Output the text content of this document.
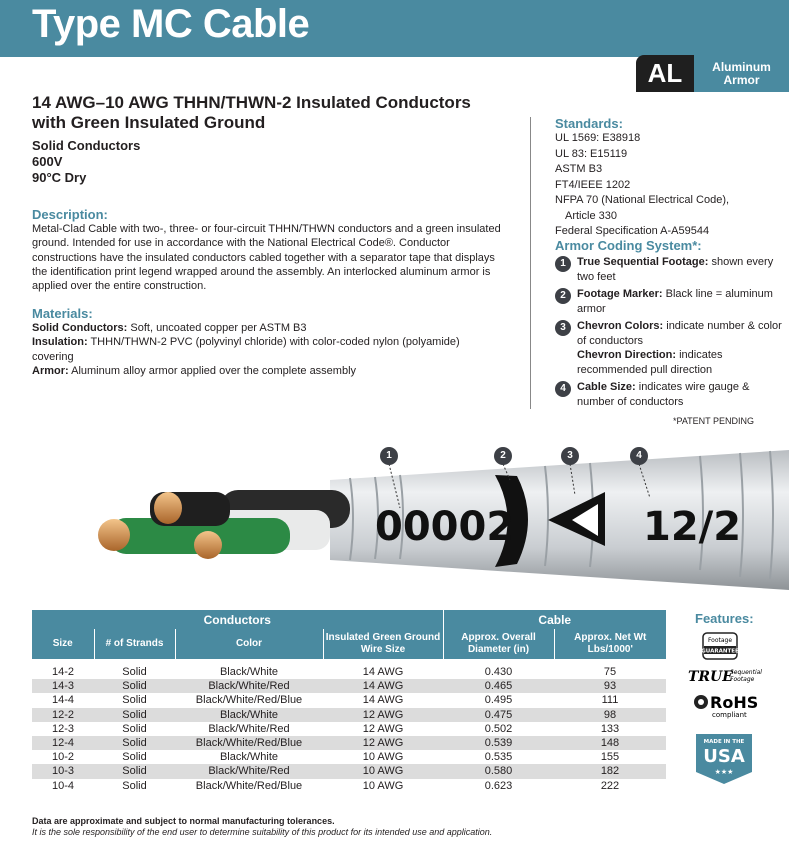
Type MC Cable
AL	Aluminum Armor
14 AWG–10 AWG THHN/THWN-2 Insulated Conductors with Green Insulated Ground
Solid Conductors
600V
90°C Dry
Description:
Metal-Clad Cable with two-, three- or four-circuit THHN/THWN conductors and a green insulated ground. Intended for use in accordance with the National Electrical Code®. Conductor constructions have the insulated conductors cabled together with a separator tape that displays the identification print legend wrapped around the assembly. An interlocked aluminum armor is applied over the entire construction.
Materials:
Solid Conductors: Soft, uncoated copper per ASTM B3
Insulation: THHN/THWN-2 PVC (polyvinyl chloride) with color-coded nylon (polyamide) covering
Armor: Aluminum alloy armor applied over the complete assembly
Standards:
UL 1569: E38918
UL 83: E15119
ASTM B3
FT4/IEEE 1202
NFPA 70 (National Electrical Code),
Article 330
Federal Specification A-A59544
Armor Coding System*:
1	True Sequential Footage: shown every two feet
2	Footage Marker: Black line = aluminum armor
3	Chevron Colors: indicate number & color of conductors
Chevron Direction: indicates recommended pull direction
4	Cable Size: indicates wire gauge & number of conductors
*PATENT PENDING
00002	12/2
1	2	3	4
Conductors				Cable	
Size	# of Strands	Color	Insulated Green Ground Wire Size	Approx. Overall Diameter (in)	Approx. Net Wt Lbs/1000'

14-2	Solid	Black/White	14 AWG	0.430	75
14-3	Solid	Black/White/Red	14 AWG	0.465	93
14-4	Solid	Black/White/Red/Blue	14 AWG	0.495	111
12-2	Solid	Black/White	12 AWG	0.475	98
12-3	Solid	Black/White/Red	12 AWG	0.502	133
12-4	Solid	Black/White/Red/Blue	12 AWG	0.539	148
10-2	Solid	Black/White	10 AWG	0.535	155
10-3	Solid	Black/White/Red	10 AWG	0.580	182
10-4	Solid	Black/White/Red/Blue	10 AWG	0.623	222
Features:
Footage
GUARANTEE
TRUE
Sequential
Footage
RoHS
compliant
MADE IN THE
USA
★★★
Data are approximate and subject to normal manufacturing tolerances.
It is the sole responsibility of the end user to determine suitability of this product for its intended use and application.
